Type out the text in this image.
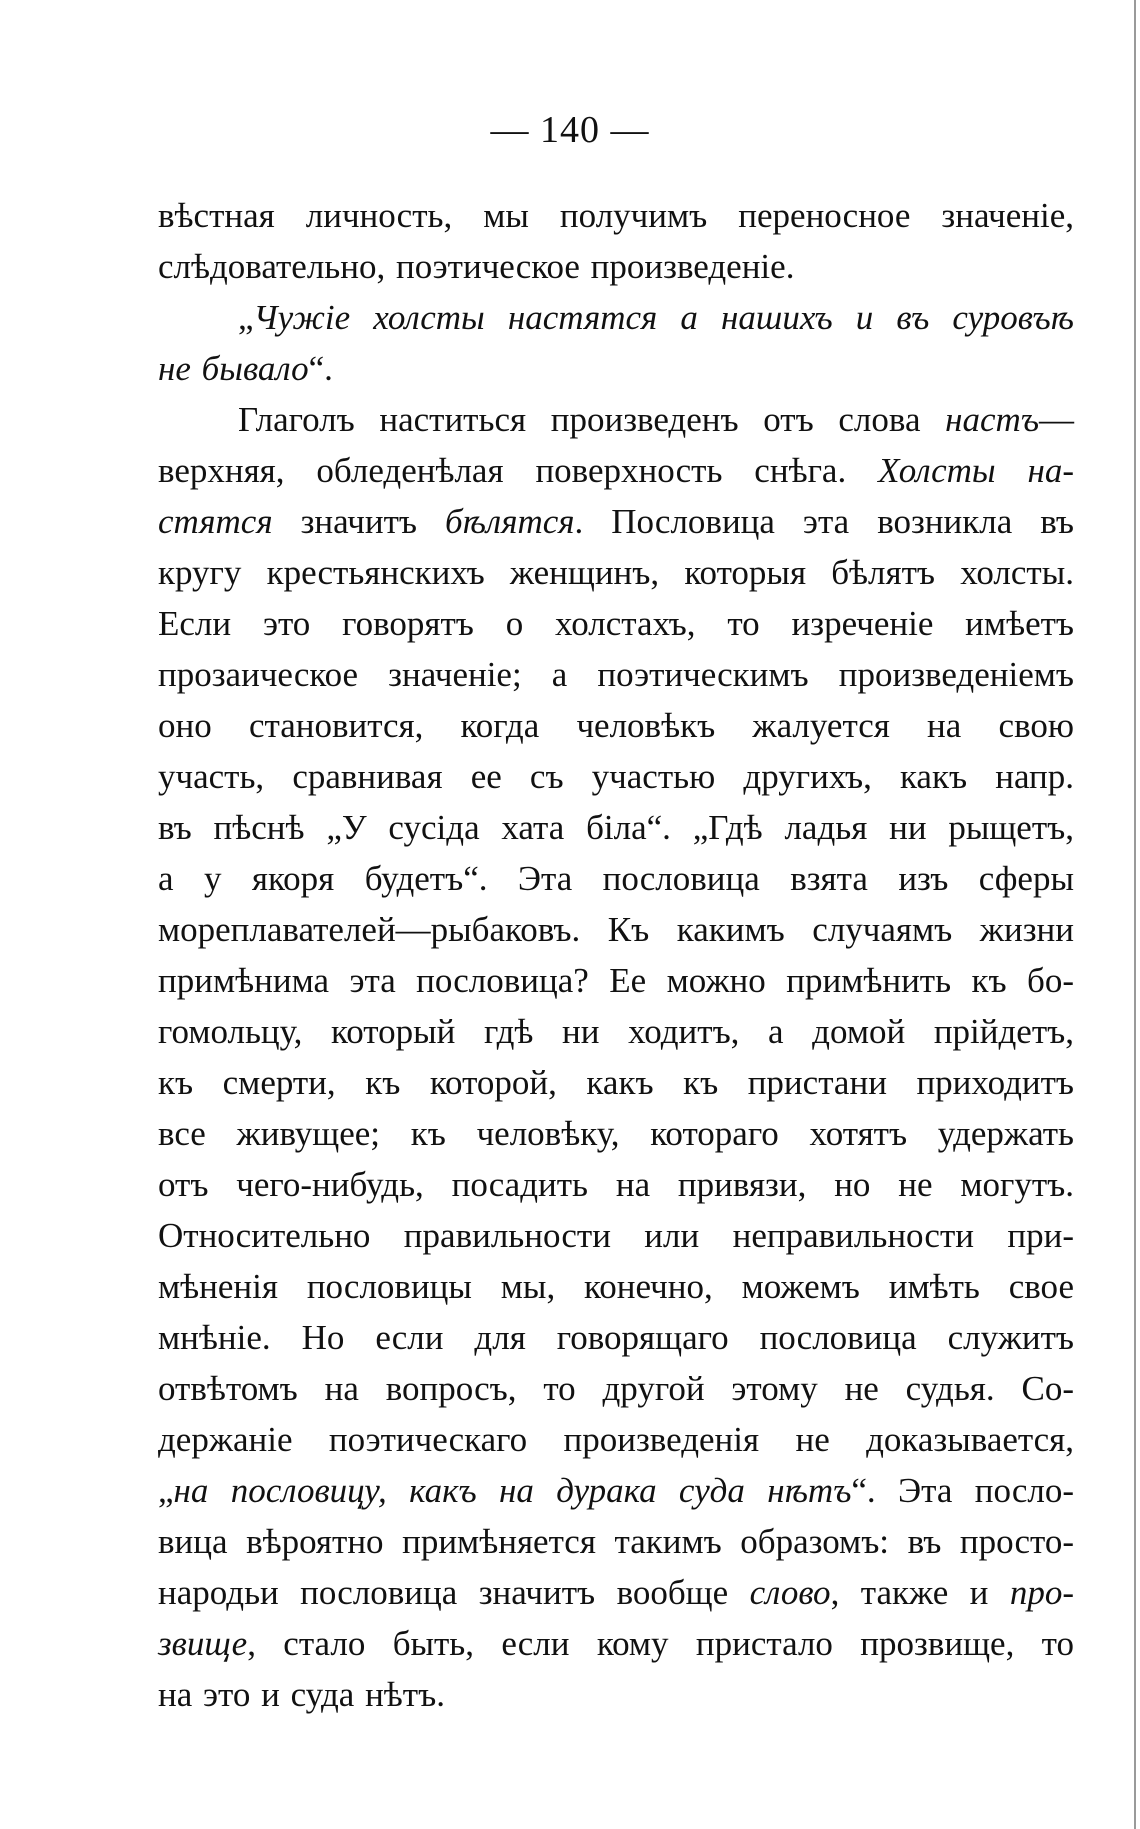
— 140 —
вѣстная личность, мы получимъ переносное значенiе,
слѣдовательно, поэтическое произведенiе.
„Чужiе холсты настятся а нашихъ и въ суровъѣ
не бывало“.
Глаголъ наститься произведенъ отъ слова настъ—
верхняя, обледенѣлая поверхность снѣга. Холсты на-
стятся значитъ бѣлятся. Пословица эта возникла въ
кругу крестьянскихъ женщинъ, которыя бѣлятъ холсты.
Если это говорятъ о холстахъ, то изреченiе имѣетъ
прозаическое значенiе; а поэтическимъ произведенiемъ
оно становится, когда человѣкъ жалуется на свою
участь, сравнивая ее съ участью другихъ, какъ напр.
въ пѣснѣ „У сусiда хата бiла“. „Гдѣ ладья ни рыщетъ,
а у якоря будетъ“. Эта пословица взята изъ сферы
мореплавателей—рыбаковъ. Къ какимъ случаямъ жизни
примѣнима эта пословица? Ее можно примѣнить къ бо-
гомольцу, который гдѣ ни ходитъ, а домой прiйдетъ,
къ смерти, къ которой, какъ къ пристани приходитъ
все живущее; къ человѣку, котораго хотятъ удержать
отъ чего-нибудь, посадить на привязи, но не могутъ.
Относительно правильности или неправильности при-
мѣненiя пословицы мы, конечно, можемъ имѣть свое
мнѣнiе. Но если для говорящаго пословица служитъ
отвѣтомъ на вопросъ, то другой этому не судья. Со-
держанiе поэтическаго произведенiя не доказывается,
„на пословицу, какъ на дурака суда нѣтъ“. Эта посло-
вица вѣроятно примѣняется такимъ образомъ: въ просто-
народьи пословица значитъ вообще слово, также и про-
звище, стало быть, если кому пристало прозвище, то
на это и суда нѣтъ.
